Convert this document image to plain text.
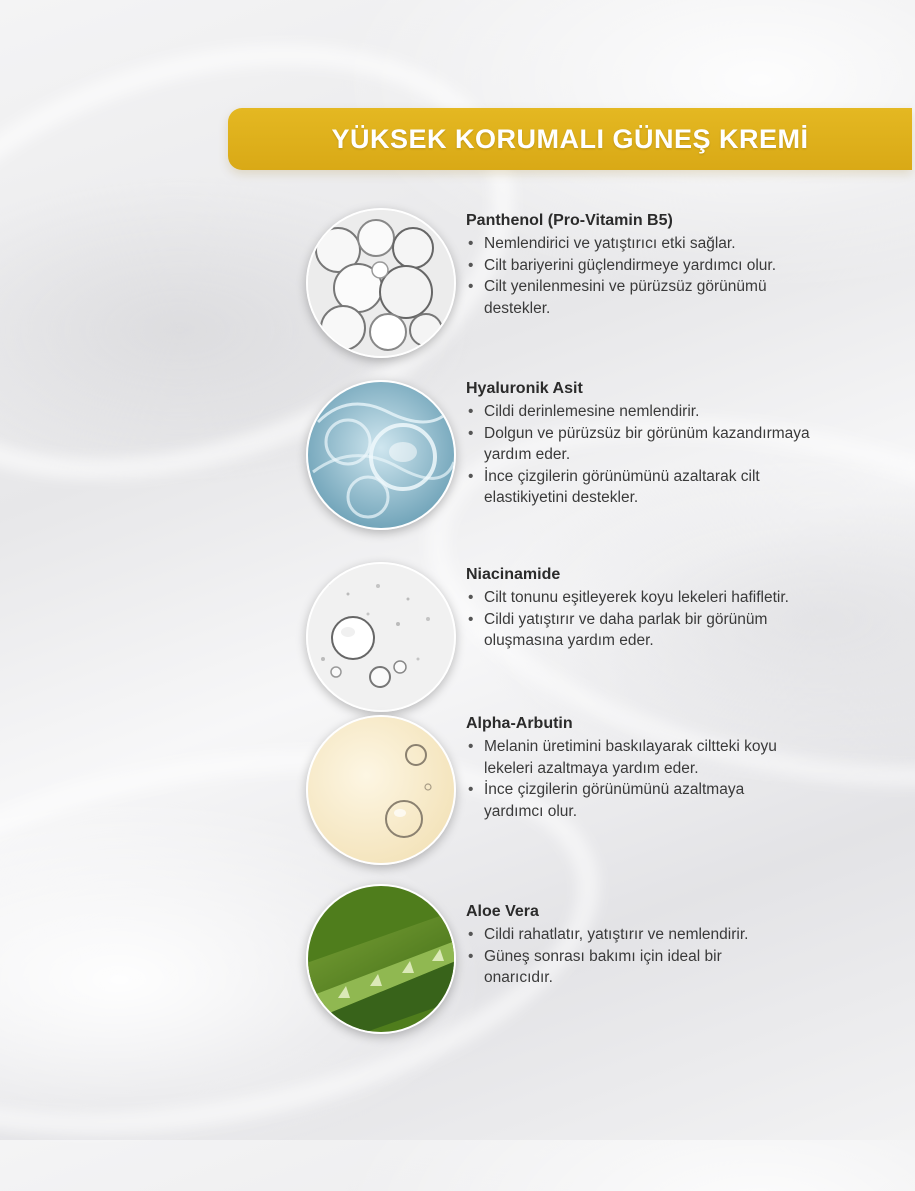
YÜKSEK KORUMALI GÜNEŞ KREMİ
Panthenol (Pro-Vitamin B5)
• Nemlendirici ve yatıştırıcı etki sağlar.
• Cilt bariyerini güçlendirmeye yardımcı olur.
• Cilt yenilenmesini ve pürüzsüz görünümü destekler.
Hyaluronik Asit
• Cildi derinlemesine nemlendirir.
• Dolgun ve pürüzsüz bir görünüm kazandırmaya yardım eder.
• İnce çizgilerin görünümünü azaltarak cilt elastikiyetini destekler.
Niacinamide
• Cilt tonunu eşitleyerek koyu lekeleri hafifletir.
• Cildi yatıştırır ve daha parlak bir görünüm oluşmasına yardım eder.
Alpha-Arbutin
• Melanin üretimini baskılayarak ciltteki koyu lekeleri azaltmaya yardım eder.
• İnce çizgilerin görünümünü azaltmaya yardımcı olur.
Aloe Vera
• Cildi rahatlatır, yatıştırır ve nemlendirir.
• Güneş sonrası bakımı için ideal bir onarıcıdır.
